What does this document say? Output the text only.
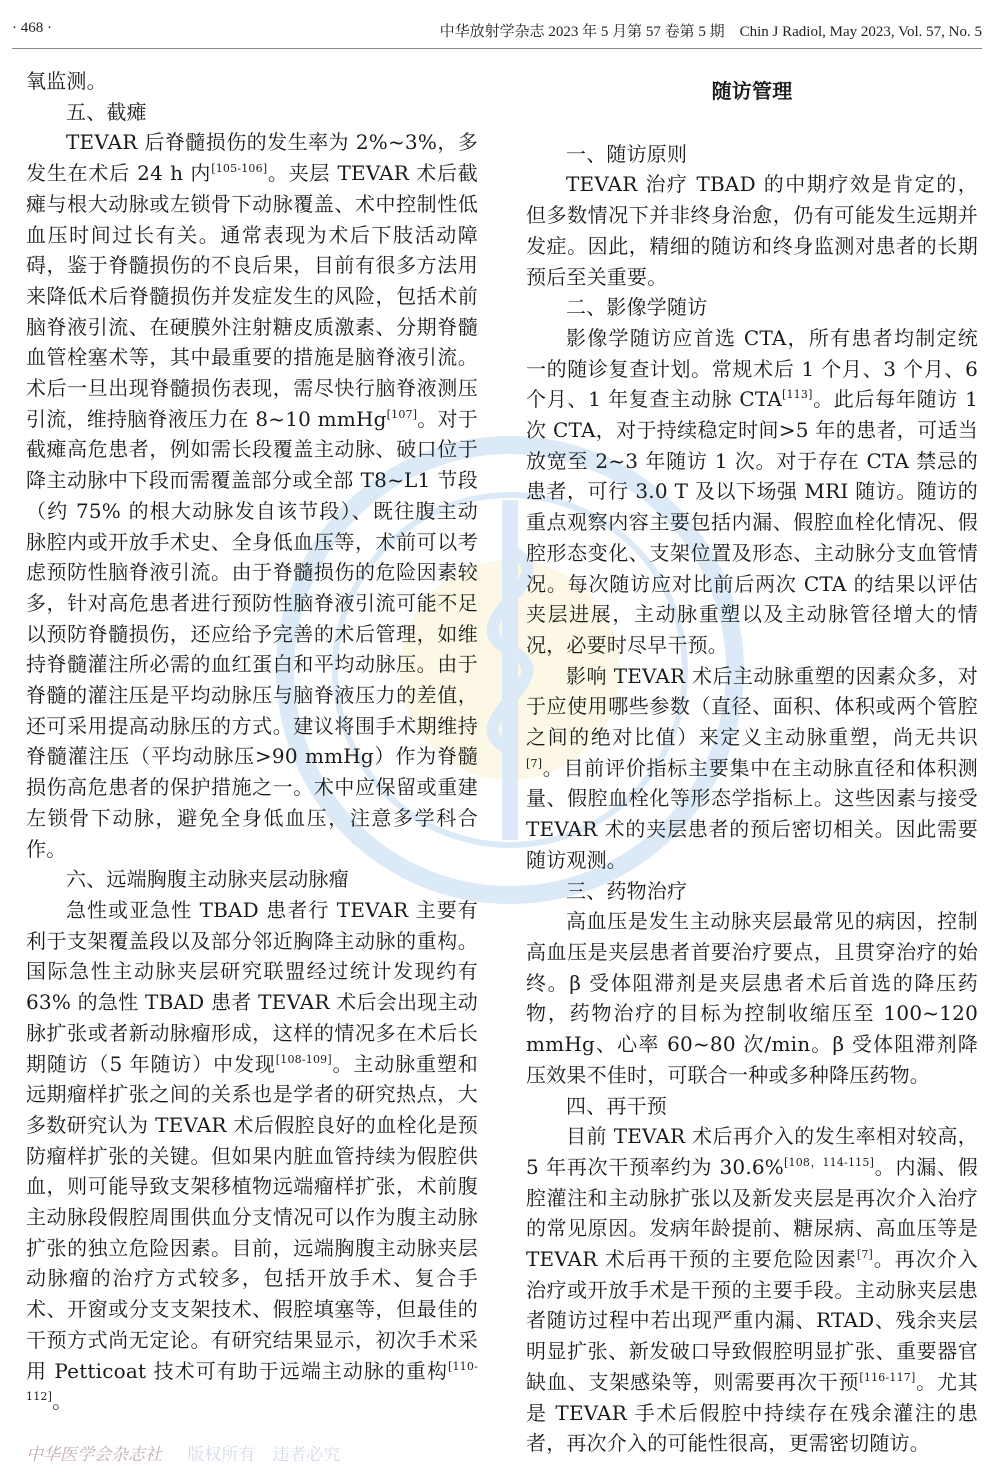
· 468 ·	中华放射学杂志 2023 年 5 月第 57 卷第 5 期　Chin J Radiol, May 2023, Vol. 57, No. 5

氧监测。

五、截瘫

TEVAR 后脊髓损伤的发生率为 2%~3%，多发生在术后 24 h 内[105-106]。夹层 TEVAR 术后截瘫与根大动脉或左锁骨下动脉覆盖、术中控制性低血压时间过长有关。通常表现为术后下肢活动障碍，鉴于脊髓损伤的不良后果，目前有很多方法用来降低术后脊髓损伤并发症发生的风险，包括术前脑脊液引流、在硬膜外注射糖皮质激素、分期脊髓血管栓塞术等，其中最重要的措施是脑脊液引流。术后一旦出现脊髓损伤表现，需尽快行脑脊液测压引流，维持脑脊液压力在 8~10 mmHg[107]。对于截瘫高危患者，例如需长段覆盖主动脉、破口位于降主动脉中下段而需覆盖部分或全部 T8~L1 节段（约 75% 的根大动脉发自该节段）、既往腹主动脉腔内或开放手术史、全身低血压等，术前可以考虑预防性脑脊液引流。由于脊髓损伤的危险因素较多，针对高危患者进行预防性脑脊液引流可能不足以预防脊髓损伤，还应给予完善的术后管理，如维持脊髓灌注所必需的血红蛋白和平均动脉压。由于脊髓的灌注压是平均动脉压与脑脊液压力的差值，还可采用提高动脉压的方式。建议将围手术期维持脊髓灌注压（平均动脉压>90 mmHg）作为脊髓损伤高危患者的保护措施之一。术中应保留或重建左锁骨下动脉，避免全身低血压，注意多学科合作。

六、远端胸腹主动脉夹层动脉瘤

急性或亚急性 TBAD 患者行 TEVAR 主要有利于支架覆盖段以及部分邻近胸降主动脉的重构。国际急性主动脉夹层研究联盟经过统计发现约有 63% 的急性 TBAD 患者 TEVAR 术后会出现主动脉扩张或者新动脉瘤形成，这样的情况多在术后长期随访（5 年随访）中发现[108-109]。主动脉重塑和远期瘤样扩张之间的关系也是学者的研究热点，大多数研究认为 TEVAR 术后假腔良好的血栓化是预防瘤样扩张的关键。但如果内脏血管持续为假腔供血，则可能导致支架移植物远端瘤样扩张，术前腹主动脉段假腔周围供血分支情况可以作为腹主动脉扩张的独立危险因素。目前，远端胸腹主动脉夹层动脉瘤的治疗方式较多，包括开放手术、复合手术、开窗或分支支架技术、假腔填塞等，但最佳的干预方式尚无定论。有研究结果显示，初次手术采用 Petticoat 技术可有助于远端主动脉的重构[110-112]。

随访管理
一、随访原则

TEVAR 治疗 TBAD 的中期疗效是肯定的，但多数情况下并非终身治愈，仍有可能发生远期并发症。因此，精细的随访和终身监测对患者的长期预后至关重要。

二、影像学随访

影像学随访应首选 CTA，所有患者均制定统一的随诊复查计划。常规术后 1 个月、3 个月、6 个月、1 年复查主动脉 CTA[113]。此后每年随访 1 次 CTA，对于持续稳定时间>5 年的患者，可适当放宽至 2~3 年随访 1 次。对于存在 CTA 禁忌的患者，可行 3.0 T 及以下场强 MRI 随访。随访的重点观察内容主要包括内漏、假腔血栓化情况、假腔形态变化、支架位置及形态、主动脉分支血管情况。每次随访应对比前后两次 CTA 的结果以评估夹层进展，主动脉重塑以及主动脉管径增大的情况，必要时尽早干预。

影响 TEVAR 术后主动脉重塑的因素众多，对于应使用哪些参数（直径、面积、体积或两个管腔之间的绝对比值）来定义主动脉重塑，尚无共识[7]。目前评价指标主要集中在主动脉直径和体积测量、假腔血栓化等形态学指标上。这些因素与接受 TEVAR 术的夹层患者的预后密切相关。因此需要随访观测。

三、药物治疗

高血压是发生主动脉夹层最常见的病因，控制高血压是夹层患者首要治疗要点，且贯穿治疗的始终。β 受体阻滞剂是夹层患者术后首选的降压药物，药物治疗的目标为控制收缩压至 100~120 mmHg、心率 60~80 次/min。β 受体阻滞剂降压效果不佳时，可联合一种或多种降压药物。

四、再干预

目前 TEVAR 术后再介入的发生率相对较高，5 年再次干预率约为 30.6%[108，114-115]。内漏、假腔灌注和主动脉扩张以及新发夹层是再次介入治疗的常见原因。发病年龄提前、糖尿病、高血压等是 TEVAR 术后再干预的主要危险因素[7]。再次介入治疗或开放手术是干预的主要手段。主动脉夹层患者随访过程中若出现严重内漏、RTAD、残余夹层明显扩张、新发破口导致假腔明显扩张、重要器官缺血、支架感染等，则需要再次干预[116-117]。尤其是 TEVAR 手术后假腔中持续存在残余灌注的患者，再次介入的可能性很高，更需密切随访。

中华医学会杂志社 版权所有　违者必究
